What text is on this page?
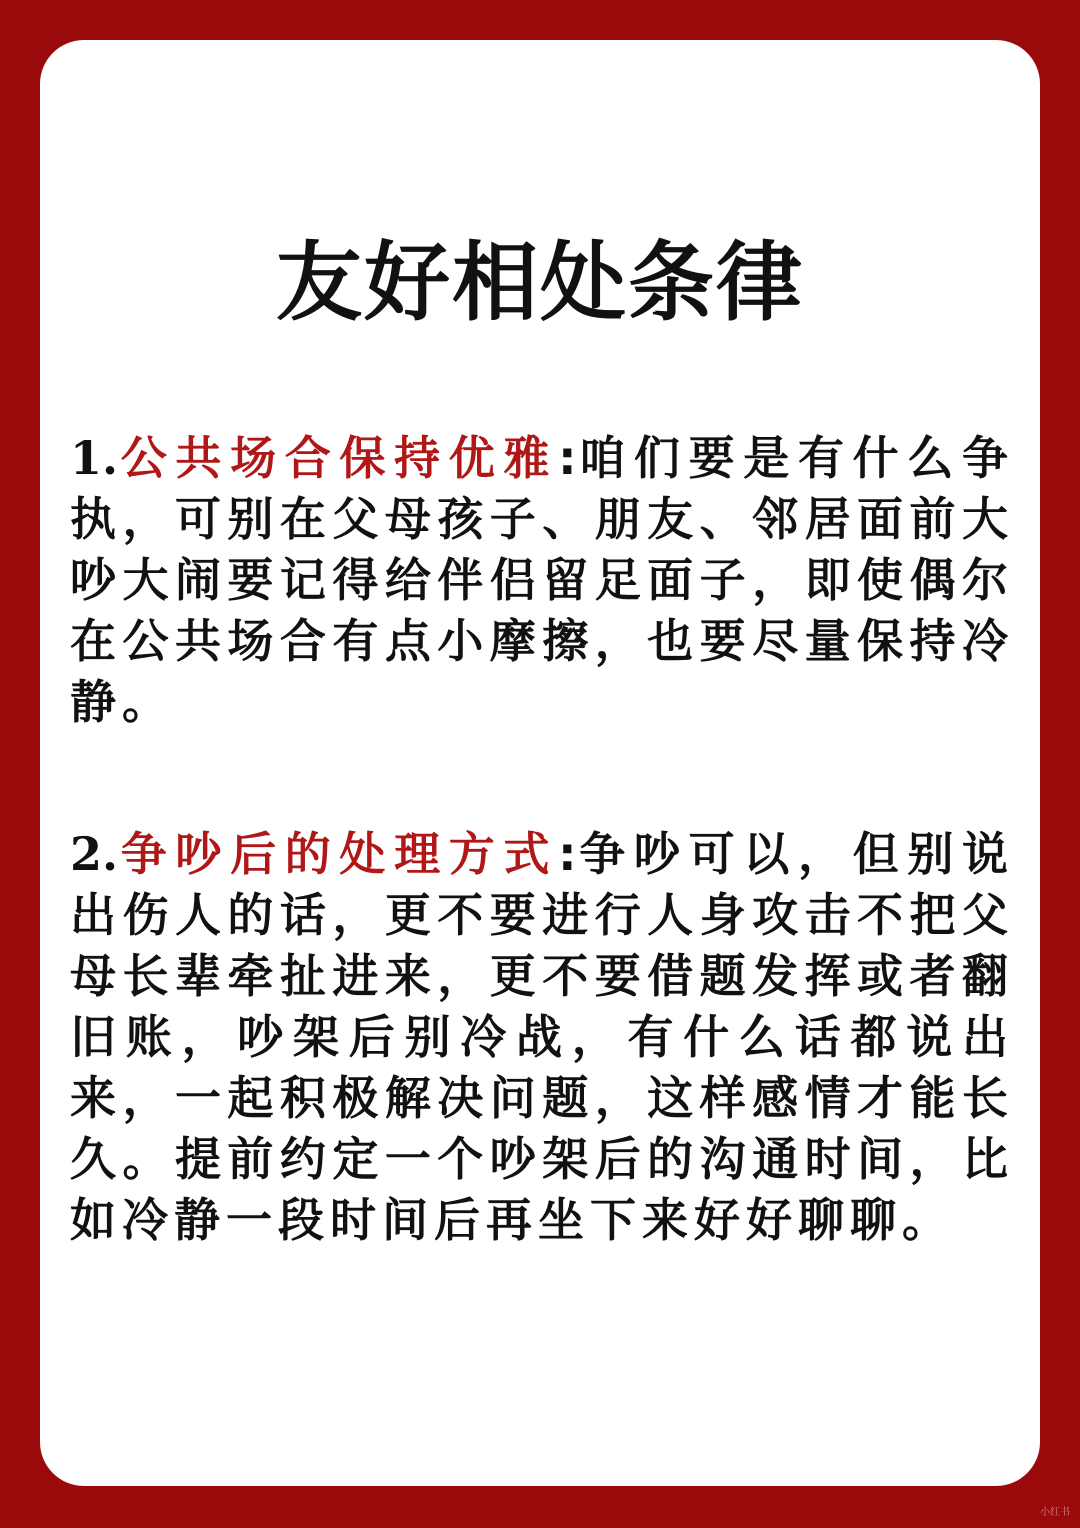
友好相处条律
1.公共场合保持优雅:咱们要是有什么争执，可别在父母孩子、朋友、邻居面前大吵大闹要记得给伴侣留足面子，即使偶尔在公共场合有点小摩擦，也要尽量保持冷静。
2.争吵后的处理方式:争吵可以，但别说出伤人的话，更不要进行人身攻击不把父母长辈牵扯进来，更不要借题发挥或者翻旧账，吵架后别冷战，有什么话都说出来，一起积极解决问题，这样感情才能长久。提前约定一个吵架后的沟通时间，比如冷静一段时间后再坐下来好好聊聊。
小红书
